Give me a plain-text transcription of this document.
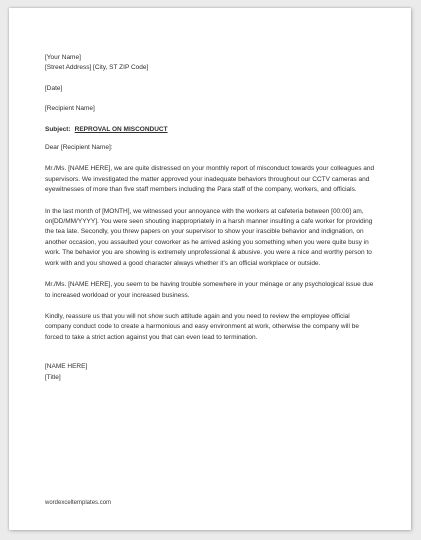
[Your Name]
[Street Address] [City, ST ZIP Code]
[Date]
[Recipient Name]
Subject: REPROVAL ON MISCONDUCT
Dear [Recipient Name]:

Mr./Ms. [NAME HERE], we are quite distressed on your monthly report of misconduct towards your colleagues and supervisors. We investigated the matter approved your inadequate behaviors throughout our CCTV cameras and eyewitnesses of more than five staff members including the Para staff of the company, workers, and officials.

In the last month of [MONTH], we witnessed your annoyance with the workers at cafeteria between [00:00] am, on[DD/MM/YYYY]. You were seen shouting inappropriately in a harsh manner insulting a cafe worker for providing the tea late. Secondly, you threw papers on your supervisor to show your irascible behavior and indignation, on another occasion, you assaulted your coworker as he arrived asking you something when you were quite busy in work. The behavior you are showing is extremely unprofessional & abusive. you were a nice and worthy person to work with and you showed a good character always whether it's an official workplace or outside.

Mr./Ms. [NAME HERE], you seem to be having trouble somewhere in your ménage or any psychological issue due to increased workload or your increased business.

Kindly, reassure us that you will not show such attitude again and you need to review the employee official company conduct code to create a harmonious and easy environment at work, otherwise the company will be forced to take a strict action against you that can even lead to termination.

[NAME HERE]
[Title]
wordexceltemplates.com
